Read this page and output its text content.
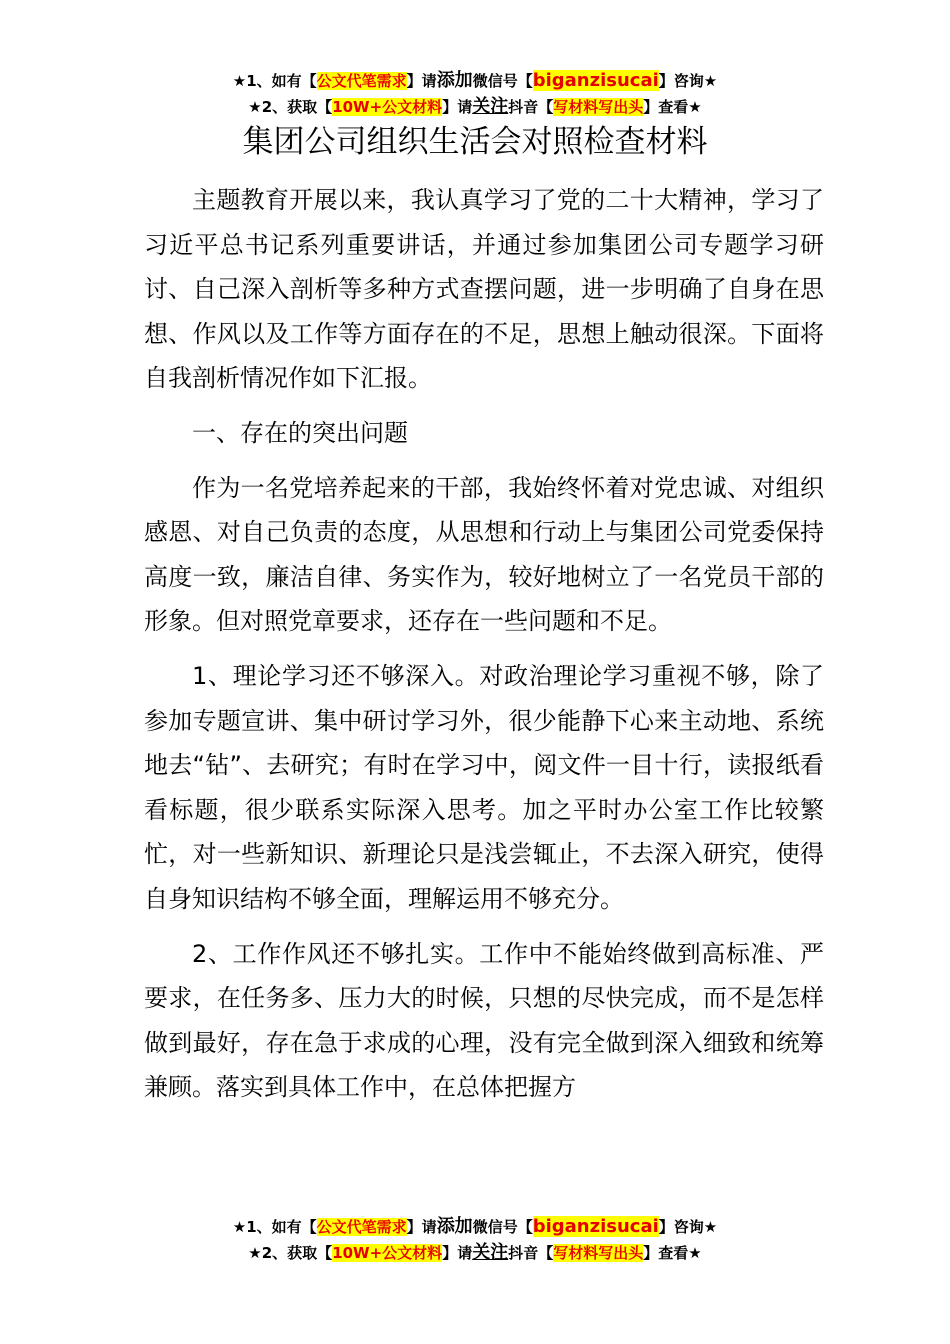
★1、如有【公文代笔需求】请添加微信号【biganzisucai】咨询★
★2、获取【10W+公文材料】请关注抖音【写材料写出头】查看★
集团公司组织生活会对照检查材料

主题教育开展以来，我认真学习了党的二十大精神，学习了习近平总书记系列重要讲话，并通过参加集团公司专题学习研讨、自己深入剖析等多种方式查摆问题，进一步明确了自身在思想、作风以及工作等方面存在的不足，思想上触动很深。下面将自我剖析情况作如下汇报。

一、存在的突出问题

作为一名党培养起来的干部，我始终怀着对党忠诚、对组织感恩、对自己负责的态度，从思想和行动上与集团公司党委保持高度一致，廉洁自律、务实作为，较好地树立了一名党员干部的形象。但对照党章要求，还存在一些问题和不足。

1、理论学习还不够深入。对政治理论学习重视不够，除了参加专题宣讲、集中研讨学习外，很少能静下心来主动地、系统地去“钻”、去研究；有时在学习中，阅文件一目十行，读报纸看看标题，很少联系实际深入思考。加之平时办公室工作比较繁忙，对一些新知识、新理论只是浅尝辄止，不去深入研究，使得自身知识结构不够全面，理解运用不够充分。

2、工作作风还不够扎实。工作中不能始终做到高标准、严要求，在任务多、压力大的时候，只想的尽快完成，而不是怎样做到最好，存在急于求成的心理，没有完全做到深入细致和统筹兼顾。落实到具体工作中，在总体把握方

★1、如有【公文代笔需求】请添加微信号【biganzisucai】咨询★
★2、获取【10W+公文材料】请关注抖音【写材料写出头】查看★
